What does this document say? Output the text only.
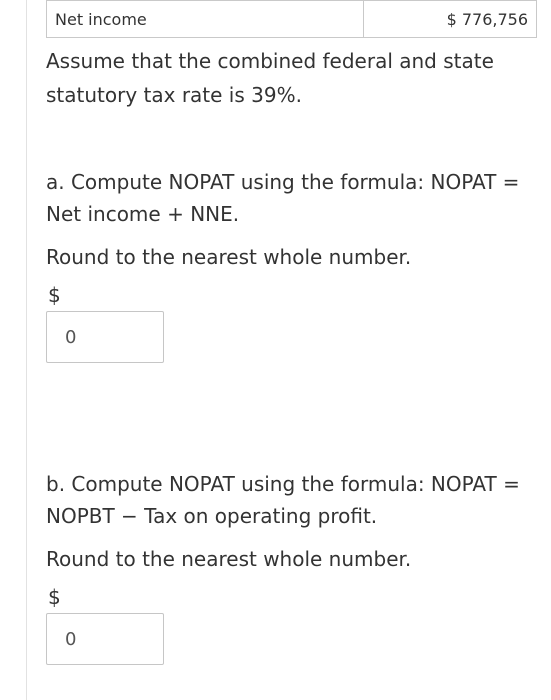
Net income	$ 776,756
Assume that the combined federal and state statutory tax rate is 39%.

a. Compute NOPAT using the formula: NOPAT = Net income + NNE.

Round to the nearest whole number.

$
0

b. Compute NOPAT using the formula: NOPAT = NOPBT − Tax on operating profit.

Round to the nearest whole number.

$
0
